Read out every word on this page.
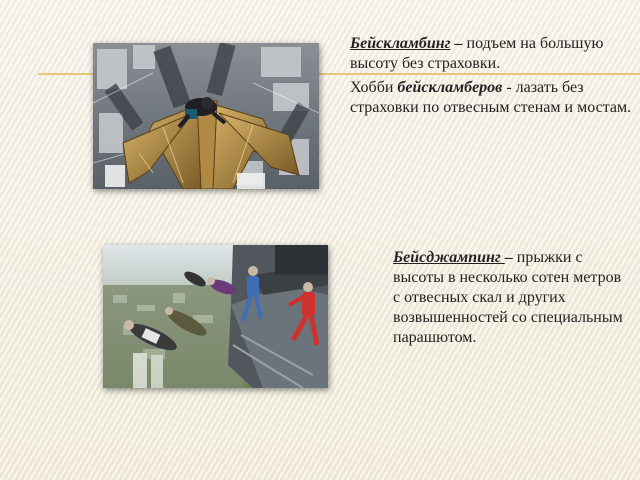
Бейскламбинг – подъем на большую высоту без страховки.
Хобби бейскламберов - лазать без страховки по отвесным стенам и мостам.
Бейсджампинг – прыжки с высоты в несколько сотен метров с отвесных скал и других возвышенностей со специальным парашютом.
